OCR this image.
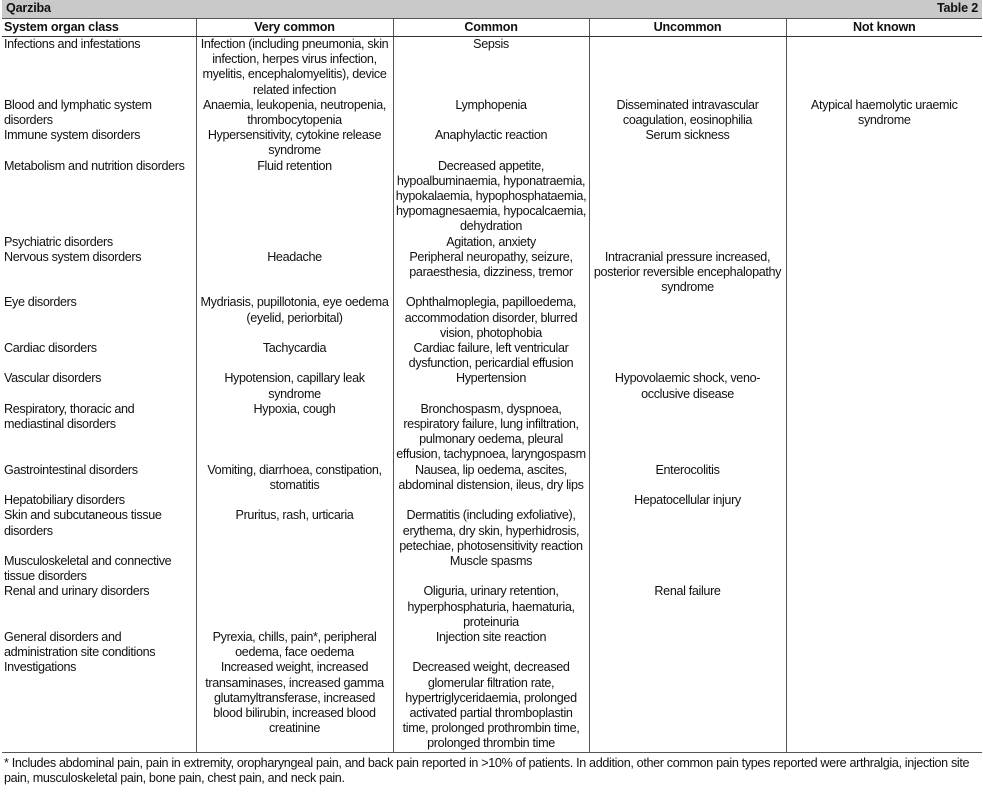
Qarziba	Table 2
System organ class	Very common	Common	Uncommon	Not known
Infections and infestations	Infection (including pneumonia, skin infection, herpes virus infection, myelitis, encephalomyelitis), device related infection	Sepsis		
Blood and lymphatic system disorders	Anaemia, leukopenia, neutropenia, thrombocytopenia	Lymphopenia	Disseminated intravascular coagulation, eosinophilia	Atypical haemolytic uraemic syndrome
Immune system disorders	Hypersensitivity, cytokine release syndrome	Anaphylactic reaction	Serum sickness	
Metabolism and nutrition disorders	Fluid retention	Decreased appetite, hypoalbuminaemia, hyponatraemia, hypokalaemia, hypophosphataemia, hypomagnesaemia, hypocalcaemia, dehydration		
Psychiatric disorders		Agitation, anxiety		
Nervous system disorders	Headache	Peripheral neuropathy, seizure, paraesthesia, dizziness, tremor	Intracranial pressure increased, posterior reversible encephalopathy syndrome	
Eye disorders	Mydriasis, pupillotonia, eye oedema (eyelid, periorbital)	Ophthalmoplegia, papilloedema, accommodation disorder, blurred vision, photophobia		
Cardiac disorders	Tachycardia	Cardiac failure, left ventricular dysfunction, pericardial effusion		
Vascular disorders	Hypotension, capillary leak syndrome	Hypertension	Hypovolaemic shock, veno-occlusive disease	
Respiratory, thoracic and mediastinal disorders	Hypoxia, cough	Bronchospasm, dyspnoea, respiratory failure, lung infiltration, pulmonary oedema, pleural effusion, tachypnoea, laryngospasm		
Gastrointestinal disorders	Vomiting, diarrhoea, constipation, stomatitis	Nausea, lip oedema, ascites, abdominal distension, ileus, dry lips	Enterocolitis	
Hepatobiliary disorders			Hepatocellular injury	
Skin and subcutaneous tissue disorders	Pruritus, rash, urticaria	Dermatitis (including exfoliative), erythema, dry skin, hyperhidrosis, petechiae, photosensitivity reaction		
Musculoskeletal and connective tissue disorders		Muscle spasms		
Renal and urinary disorders		Oliguria, urinary retention, hyperphosphaturia, haematuria, proteinuria	Renal failure	
General disorders and administration site conditions	Pyrexia, chills, pain*, peripheral oedema, face oedema	Injection site reaction		
Investigations	Increased weight, increased transaminases, increased gamma glutamyltransferase, increased blood bilirubin, increased blood creatinine	Decreased weight, decreased glomerular filtration rate, hypertriglyceridaemia, prolonged activated partial thromboplastin time, prolonged prothrombin time, prolonged thrombin time		
* Includes abdominal pain, pain in extremity, oropharyngeal pain, and back pain reported in >10% of patients. In addition, other common pain types reported were arthralgia, injection site pain, musculoskeletal pain, bone pain, chest pain, and neck pain.
